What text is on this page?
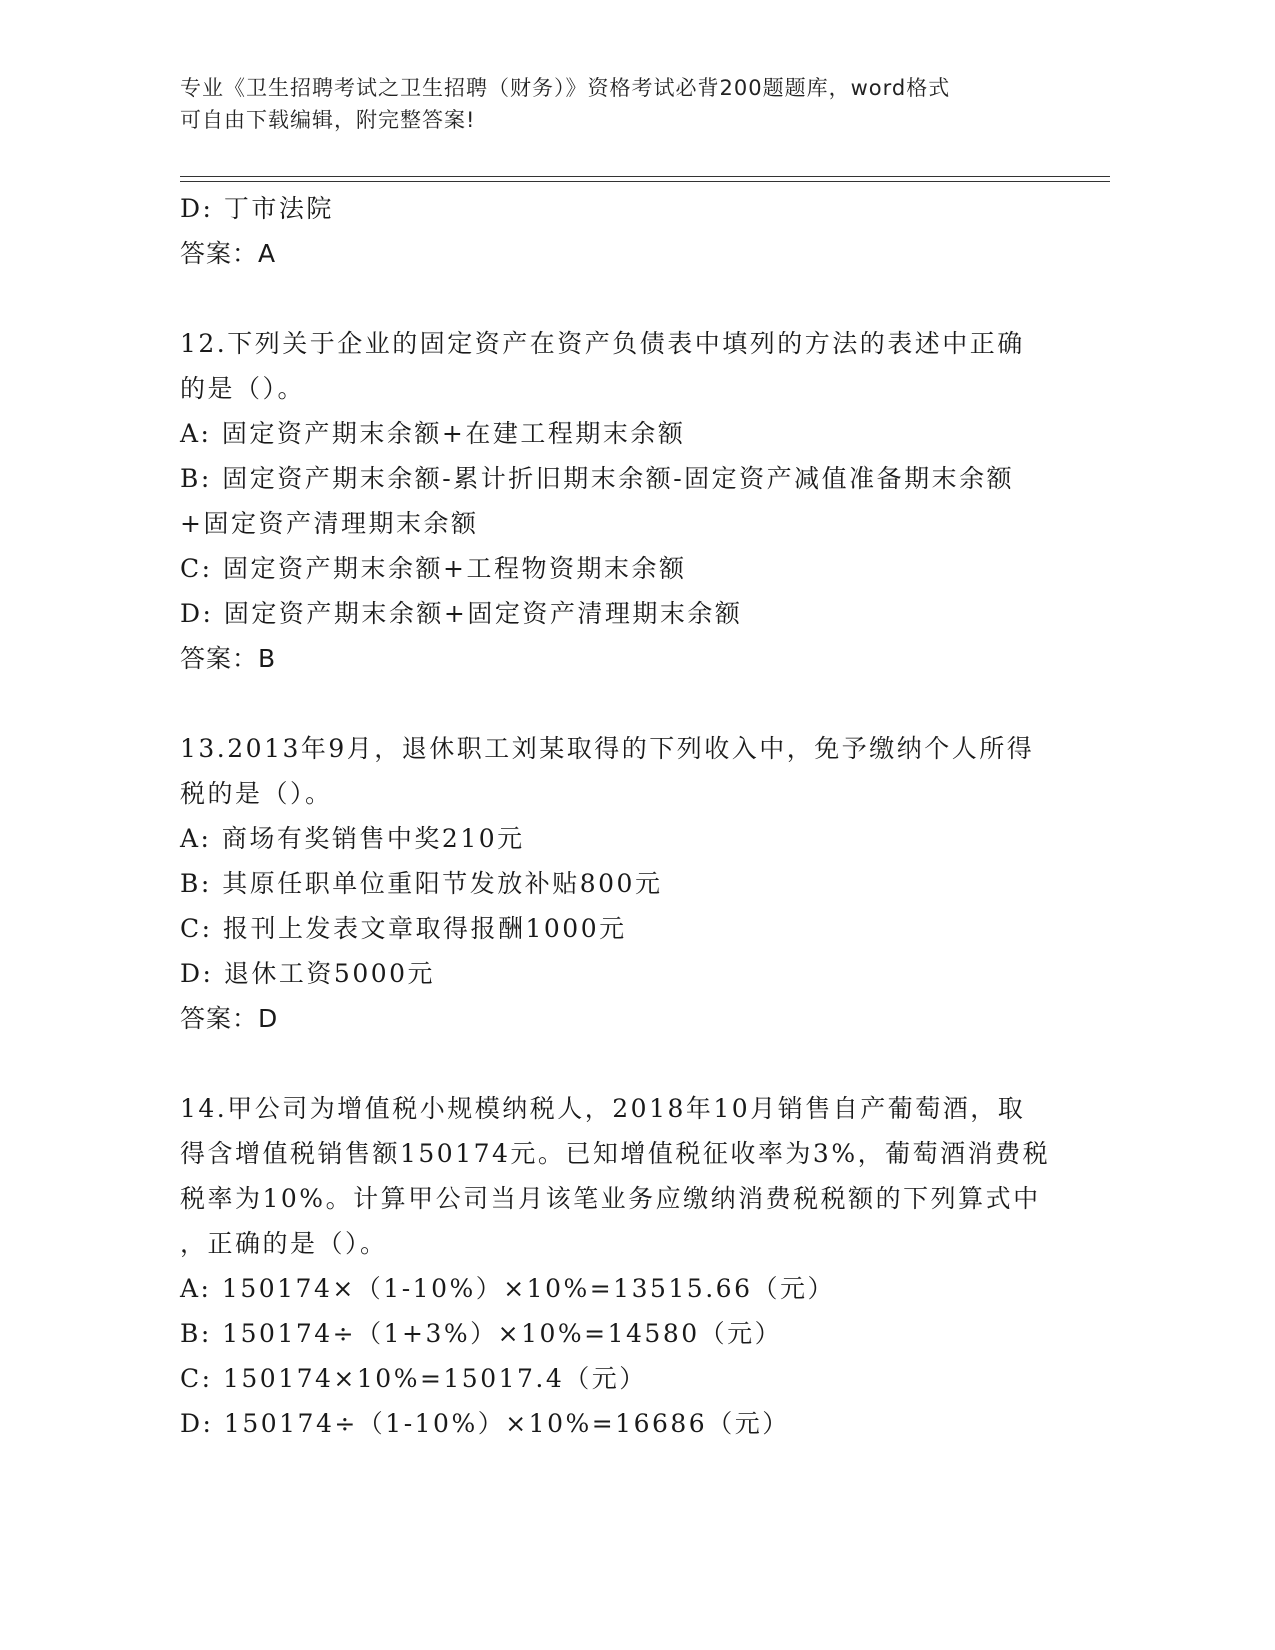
专业《卫生招聘考试之卫生招聘（财务）》资格考试必背200题题库，word格式
可自由下载编辑，附完整答案!
D: 丁市法院
答案：A
12.下列关于企业的固定资产在资产负债表中填列的方法的表述中正确
的是（）。
A: 固定资产期末余额+在建工程期末余额
B: 固定资产期末余额-累计折旧期末余额-固定资产减值准备期末余额
+固定资产清理期末余额
C: 固定资产期末余额+工程物资期末余额
D: 固定资产期末余额+固定资产清理期末余额
答案：B
13.2013年9月，退休职工刘某取得的下列收入中，免予缴纳个人所得
税的是（）。
A: 商场有奖销售中奖210元
B: 其原任职单位重阳节发放补贴800元
C: 报刊上发表文章取得报酬1000元
D: 退休工资5000元
答案：D
14.甲公司为增值税小规模纳税人，2018年10月销售自产葡萄酒，取
得含增值税销售额150174元。已知增值税征收率为3%，葡萄酒消费税
税率为10%。计算甲公司当月该笔业务应缴纳消费税税额的下列算式中
，正确的是（）。
A: 150174×（1-10%）×10%=13515.66（元）
B: 150174÷（1+3%）×10%=14580（元）
C: 150174×10%=15017.4（元）
D: 150174÷（1-10%）×10%=16686（元）
